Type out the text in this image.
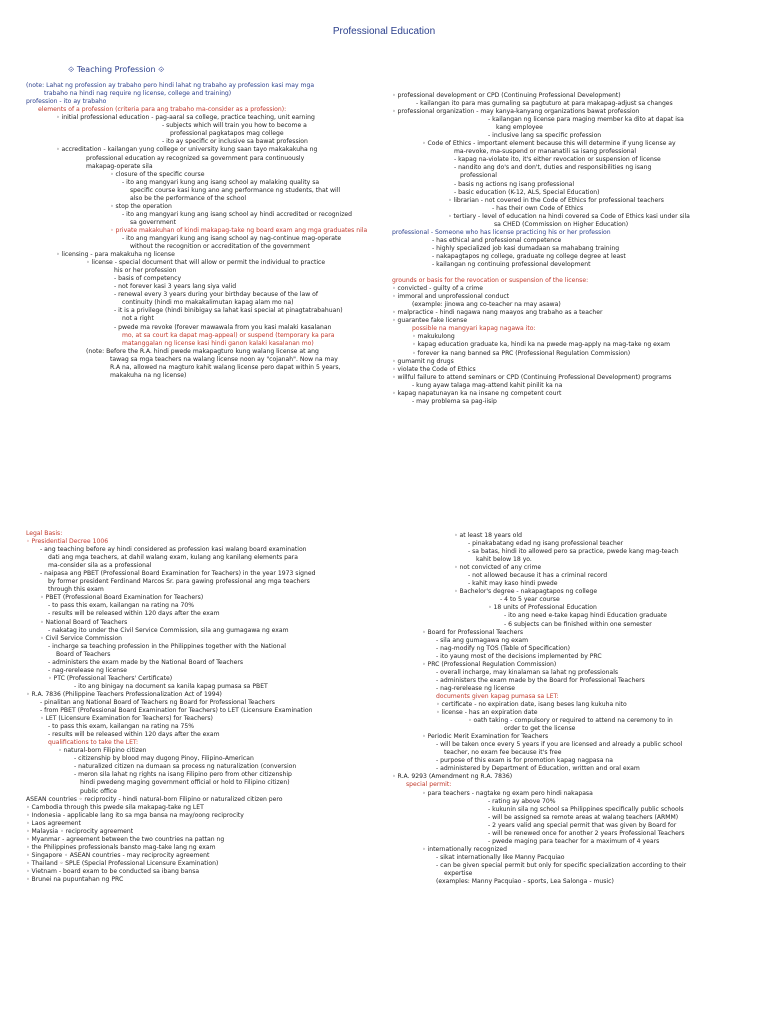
Professional Education
⟐ Teaching Profession ⟐
(note: Lahat ng profession ay trabaho pero hindi lahat ng trabaho ay profession kasi may mga
trabaho na hindi nag require ng license, college and training)
profession - ito ay trabaho
elements of a profession (criteria para ang trabaho ma-consider as a profession):
◦ initial professional education - pag-aaral sa college, practice teaching, unit earning
- subjects which will train you how to become a
professional pagkatapos mag college
- ito ay specific or inclusive sa bawat profession
◦ accreditation - kailangan yung college or university kung saan tayo makakakuha ng
professional education ay recognized sa government para continuously
makapag-operate sila
◦ closure of the specific course
- ito ang mangyari kung ang isang school ay malaking quality sa
specific course kasi kung ano ang performance ng students, that will
also be the performance of the school
◦ stop the operation
- ito ang mangyari kung ang isang school ay hindi accredited or recognized
sa government
◦ private makakuhan of kindi makapag-take ng board exam ang mga graduates nila
- ito ang mangyari kung ang isang school ay nag-continue mag-operate
without the recognition or accreditation of the government
◦ licensing - para makakuha ng license
◦ license - special document that will allow or permit the individual to practice
his or her profession
- basis of competency
- not forever kasi 3 years lang siya valid
- renewal every 3 years during your birthday because of the law of
continuity (hindi mo makakalimutan kapag alam mo na)
- it is a privilege (hindi binibigay sa lahat kasi special at pinagtatrabahuan)
not a right
- pwede ma revoke (forever mawawala from you kasi malaki kasalanan
mo, at sa court ka dapat mag-appeal) or suspend (temporary ka para
matanggalan ng license kasi hindi ganon kalaki kasalanan mo)
(note: Before the R.A. hindi pwede makapagturo kung walang license at ang
tawag sa mga teachers na walang license noon ay "cojanah". Now na may
R.A na, allowed na magturo kahit walang license pero dapat within 5 years,
makakuha na ng license)
◦ professional development or CPD (Continuing Professional Development)
- kailangan ito para mas gumaling sa pagtuturo at para makapag-adjust sa changes
◦ professional organization - may kanya-kanyang organizations bawat profession
- kailangan ng license para maging member ka dito at dapat isa
kang employee
- inclusive lang sa specific profession
◦ Code of Ethics - important element because this will determine if yung license ay
ma-revoke, ma-suspend or mananatili sa isang professional
- kapag na-violate ito, it's either revocation or suspension of license
- nandito ang do's and don't, duties and responsibilities ng isang
professional
- basis ng actions ng isang professional
- basic education (K-12, ALS, Special Education)
◦ librarian - not covered in the Code of Ethics for professional teachers
- has their own Code of Ethics
◦ tertiary - level of education na hindi covered sa Code of Ethics kasi under sila
sa CHED (Commission on Higher Education)
professional - Someone who has license practicing his or her profession
- has ethical and professional competence
- highly specialized job kasi dumadaan sa mahabang training
- nakapagtapos ng college, graduate ng college degree at least
- kailangan ng continuing professional development
grounds or basis for the revocation or suspension of the license:
◦ convicted - guilty of a crime
◦ immoral and unprofessional conduct
(example: jinowa ang co-teacher na may asawa)
◦ malpractice - hindi nagawa nang maayos ang trabaho as a teacher
◦ guarantee fake license
possible na mangyari kapag nagawa ito:
◦ makukulong
◦ kapag education graduate ka, hindi ka na pwede mag-apply na mag-take ng exam
◦ forever ka nang banned sa PRC (Professional Regulation Commission)
◦ gumamit ng drugs
◦ violate the Code of Ethics
◦ willful failure to attend seminars or CPD (Continuing Professional Development) programs
- kung ayaw talaga mag-attend kahit pinilit ka na
◦ kapag napatunayan ka na insane ng competent court
- may problema sa pag-iisip
Legal Basis:
◦ Presidential Decree 1006
- ang teaching before ay hindi considered as profession kasi walang board examination
dati ang mga teachers, at dahil walang exam, kulang ang kanilang elements para
ma-consider sila as a professional
- naipasa ang PBET (Professional Board Examination for Teachers) in the year 1973 signed
by former president Ferdinand Marcos Sr. para gawing professional ang mga teachers
through this exam
◦ PBET (Professional Board Examination for Teachers)
- to pass this exam, kailangan na rating na 70%
- results will be released within 120 days after the exam
◦ National Board of Teachers
- nakatag ito under the Civil Service Commission, sila ang gumagawa ng exam
◦ Civil Service Commission
- incharge sa teaching profession in the Philippines together with the National
Board of Teachers
- administers the exam made by the National Board of Teachers
- nag-rerelease ng license
◦ PTC (Professional Teachers' Certificate)
- ito ang binigay na document sa kanila kapag pumasa sa PBET
◦ R.A. 7836 (Philippine Teachers Professionalization Act of 1994)
- pinalitan ang National Board of Teachers ng Board for Professional Teachers
- from PBET (Professional Board Examination for Teachers) to LET (Licensure Examination
◦ LET (Licensure Examination for Teachers) for Teachers)
- to pass this exam, kailangan na rating na 75%
- results will be released within 120 days after the exam
qualifications to take the LET:
◦ natural-born Filipino citizen
- citizenship by blood may dugong Pinoy, Filipino-American
- naturalized citizen na dumaan sa process ng naturalization (conversion
- meron sila lahat ng rights na isang Filipino pero from other citizenship
hindi pwedeng maging government official or hold to Filipino citizen)
public office
ASEAN countries ◦ reciprocity - hindi natural-born Filipino or naturalized citizen pero
◦ Cambodia through this pwede sila makapag-take ng LET
◦ Indonesia - applicable lang ito sa mga bansa na may/oong reciprocity
◦ Laos agreement
◦ Malaysia ◦ reciprocity agreement
◦ Myanmar - agreement between the two countries na pattan ng
◦ the Philippines professionals bansto mag-take lang ng exam
◦ Singapore ◦ ASEAN countries - may reciprocity agreement
◦ Thailand ◦ SPLE (Special Professional Licensure Examination)
◦ Vietnam - board exam to be conducted sa ibang bansa
◦ Brunei na pupuntahan ng PRC
◦ at least 18 years old
- pinakabatang edad ng isang professional teacher
- sa batas, hindi ito allowed pero sa practice, pwede kang mag-teach
kahit below 18 yo.
◦ not convicted of any crime
- not allowed because it has a criminal record
- kahit may kaso hindi pwede
◦ Bachelor's degree - nakapagtapos ng college
- 4 to 5 year course
◦ 18 units of Professional Education
- ito ang need e-take kapag hindi Education graduate
- 6 subjects can be finished within one semester
◦ Board for Professional Teachers
- sila ang gumagawa ng exam
- nag-modify ng TOS (Table of Specification)
- ito yaung most of the decisions implemented by PRC
◦ PRC (Professional Regulation Commission)
- overall incharge, may kinalaman sa lahat ng professionals
- administers the exam made by the Board for Professional Teachers
- nag-rerelease ng license
documents given kapag pumasa sa LET:
◦ certificate - no expiration date, isang beses lang kukuha nito
◦ license - has an expiration date
◦ oath taking - compulsory or required to attend na ceremony to in
order to get the license
◦ Periodic Merit Examination for Teachers
- will be taken once every 5 years if you are licensed and already a public school
teacher, no exam fee because it's free
- purpose of this exam is for promotion kapag nagpasa na
- administered by Department of Education, written and oral exam
◦ R.A. 9293 (Amendment ng R.A. 7836)
special permit:
◦ para teachers - nagtake ng exam pero hindi nakapasa
- rating ay above 70%
- kukunin sila ng school sa Philippines specifically public schools
- will be assigned sa remote areas at walang teachers (ARMM)
- 2 years valid ang special permit that was given by Board for
- will be renewed once for another 2 years Professional Teachers
- pwede maging para teacher for a maximum of 4 years
◦ internationally recognized
- sikat internationally like Manny Pacquiao
- can be given special permit but only for specific specialization according to their
expertise
(examples: Manny Pacquiao - sports, Lea Salonga - music)
